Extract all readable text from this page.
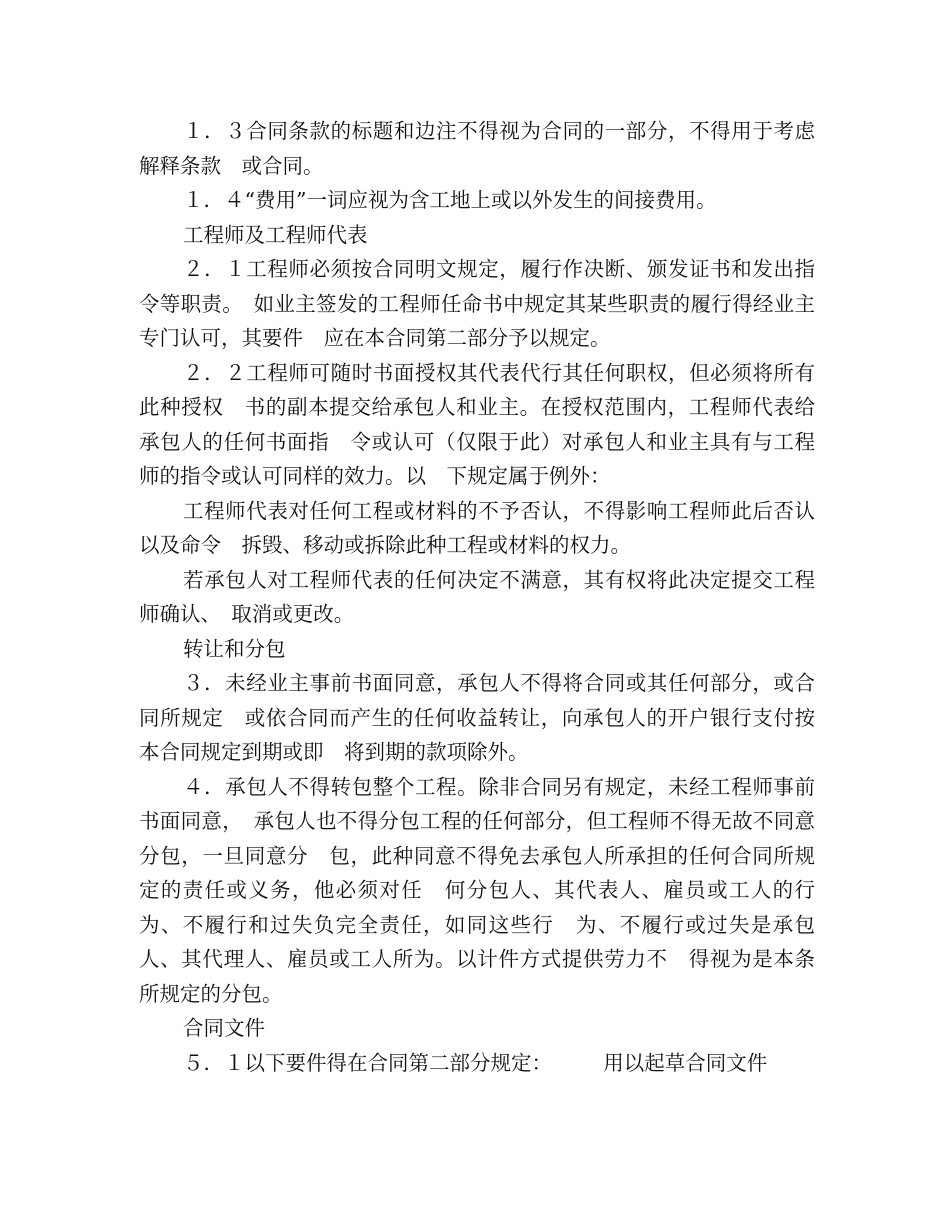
１．３合同条款的标题和边注不得视为合同的一部分，不得用于考虑解释条款　或合同。

１．４“费用”一词应视为含工地上或以外发生的间接费用。

工程师及工程师代表

２．１工程师必须按合同明文规定，履行作决断、颁发证书和发出指令等职责。　如业主签发的工程师任命书中规定其某些职责的履行得经业主专门认可，其要件　应在本合同第二部分予以规定。

２．２工程师可随时书面授权其代表代行其任何职权，但必须将所有此种授权　书的副本提交给承包人和业主。在授权范围内，工程师代表给承包人的任何书面指　令或认可（仅限于此）对承包人和业主具有与工程师的指令或认可同样的效力。以　下规定属于例外：

工程师代表对任何工程或材料的不予否认，不得影响工程师此后否认以及命令　拆毁、移动或拆除此种工程或材料的权力。

若承包人对工程师代表的任何决定不满意，其有权将此决定提交工程师确认、　取消或更改。

转让和分包

３．未经业主事前书面同意，承包人不得将合同或其任何部分，或合同所规定　或依合同而产生的任何收益转让，向承包人的开户银行支付按本合同规定到期或即　将到期的款项除外。

４．承包人不得转包整个工程。除非合同另有规定，未经工程师事前书面同意，　承包人也不得分包工程的任何部分，但工程师不得无故不同意分包，一旦同意分　包，此种同意不得免去承包人所承担的任何合同所规定的责任或义务，他必须对任　何分包人、其代表人、雇员或工人的行为、不履行和过失负完全责任，如同这些行　为、不履行或过失是承包人、其代理人、雇员或工人所为。以计件方式提供劳力不　得视为是本条所规定的分包。

合同文件

５．１以下要件得在合同第二部分规定：　　　用以起草合同文件
